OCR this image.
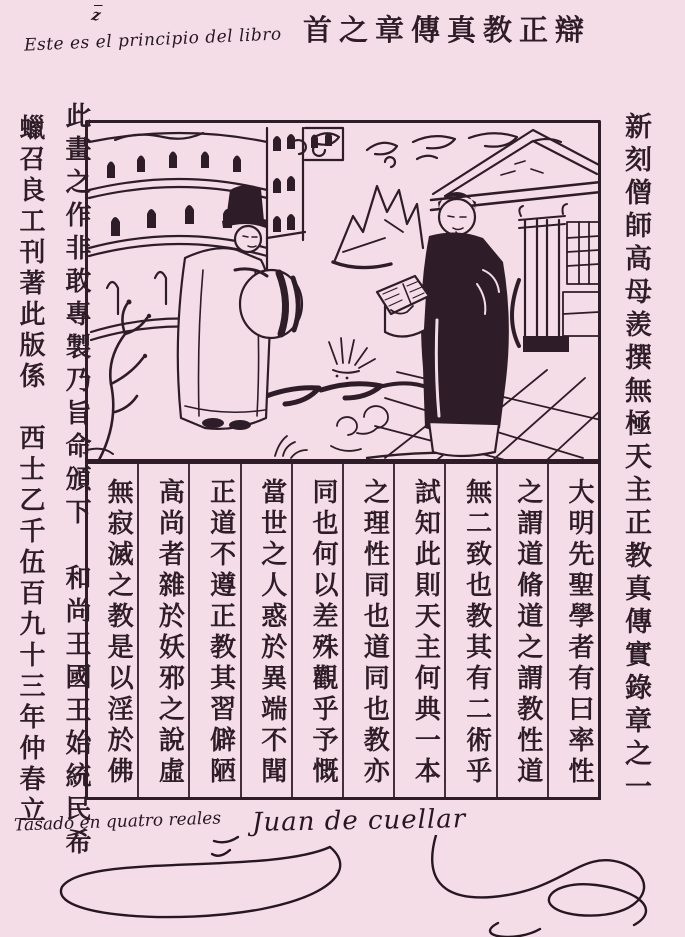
$\overline{z}$
Este es el principio del libro 首之章傳真教正辯
蠟召良工刊著此版係　西士乙千伍百九十三年仲春立 此畫之作非敢專製乃旨命頒下　和尚王國王始統民希	新刻僧師高母羨撰無極天主正教真傳實錄章之一
大明先聖學者有曰率性
之謂道脩道之謂教性道
無二致也教其有二術乎
試知此則天主何典一本
之理性同也道同也教亦
同也何以差殊觀乎予慨
當世之人惑於異端不聞
正道不遵正教其習僻陋
高尚者雜於妖邪之說虛
無寂滅之教是以淫於佛
Tasado en quatro reales Juan de cuellar
